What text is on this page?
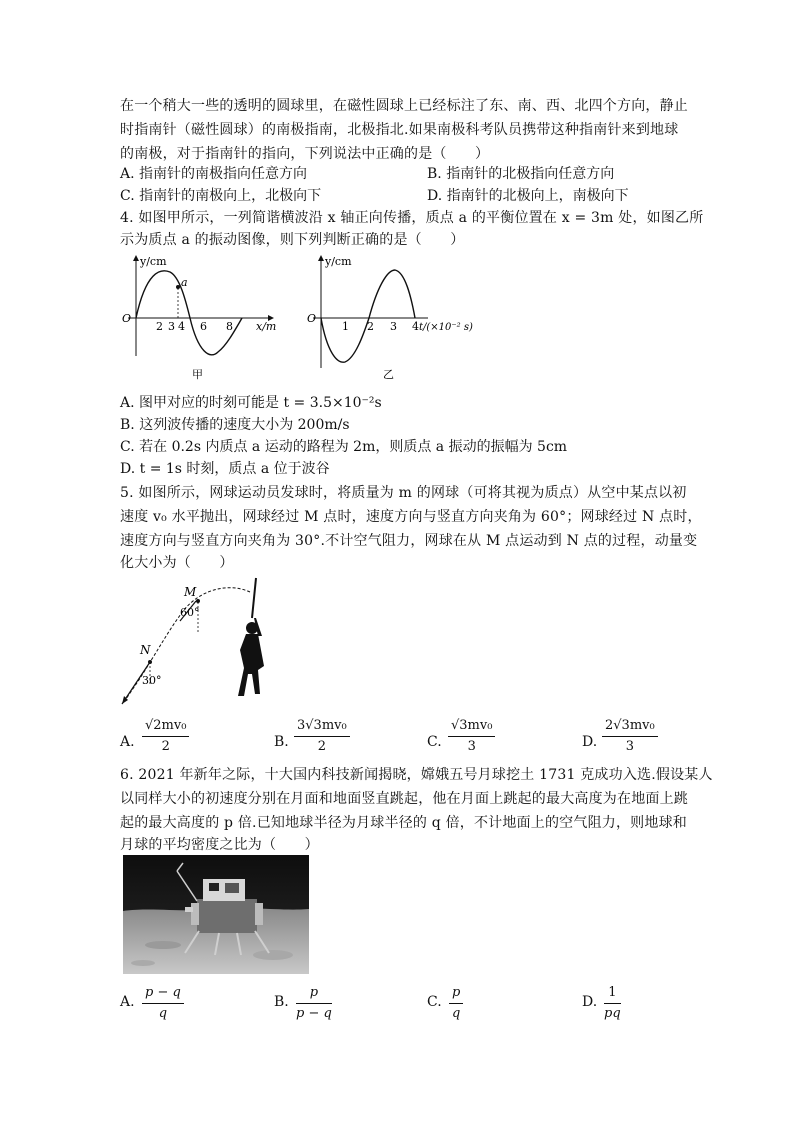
在一个稍大一些的透明的圆球里，在磁性圆球上已经标注了东、南、西、北四个方向，静止
时指南针（磁性圆球）的南极指南，北极指北.如果南极科考队员携带这种指南针来到地球
的南极，对于指南针的指向，下列说法中正确的是（　　）
A. 指南针的南极指向任意方向	B. 指南针的北极指向任意方向
C. 指南针的南极向上，北极向下	D. 指南针的北极向上，南极向下
4. 如图甲所示，一列简谐横波沿 x 轴正向传播，质点 a 的平衡位置在 x = 3m 处，如图乙所
示为质点 a 的振动图像，则下列判断正确的是（　　）
y/cm
x/m
O
a
2 3 4 6 8
甲
y/cm
O
1 2 3 4 t/(×10⁻² s)
乙
A. 图甲对应的时刻可能是 t = 3.5×10⁻²s
B. 这列波传播的速度大小为 200m/s
C. 若在 0.2s 内质点 a 运动的路程为 2m，则质点 a 振动的振幅为 5cm
D. t = 1s 时刻，质点 a 位于波谷
5. 如图所示，网球运动员发球时，将质量为 m 的网球（可将其视为质点）从空中某点以初
速度 v₀ 水平抛出，网球经过 M 点时，速度方向与竖直方向夹角为 60°；网球经过 N 点时，
速度方向与竖直方向夹角为 30°.不计空气阻力，网球在从 M 点运动到 N 点的过程，动量变
化大小为（　　）
M
60°
N
30°
A. $\frac{\text{√2mv₀}}{2}$	B. $\frac{\text{3√3mv₀}}{2}$	C. $\frac{\text{√3mv₀}}{3}$	D. $\frac{\text{2√3mv₀}}{3}$
6. 2021 年新年之际，十大国内科技新闻揭晓，嫦娥五号月球挖土 1731 克成功入选.假设某人
以同样大小的初速度分别在月面和地面竖直跳起，他在月面上跳起的最大高度为在地面上跳
起的最大高度的 p 倍.已知地球半径为月球半径的 q 倍，不计地面上的空气阻力，则地球和
月球的平均密度之比为（　　）
A. $\frac{p - q}{q}$	B. $\frac{p}{p - q}$	C. $\frac{p}{q}$	D. $\frac{1}{pq}$
